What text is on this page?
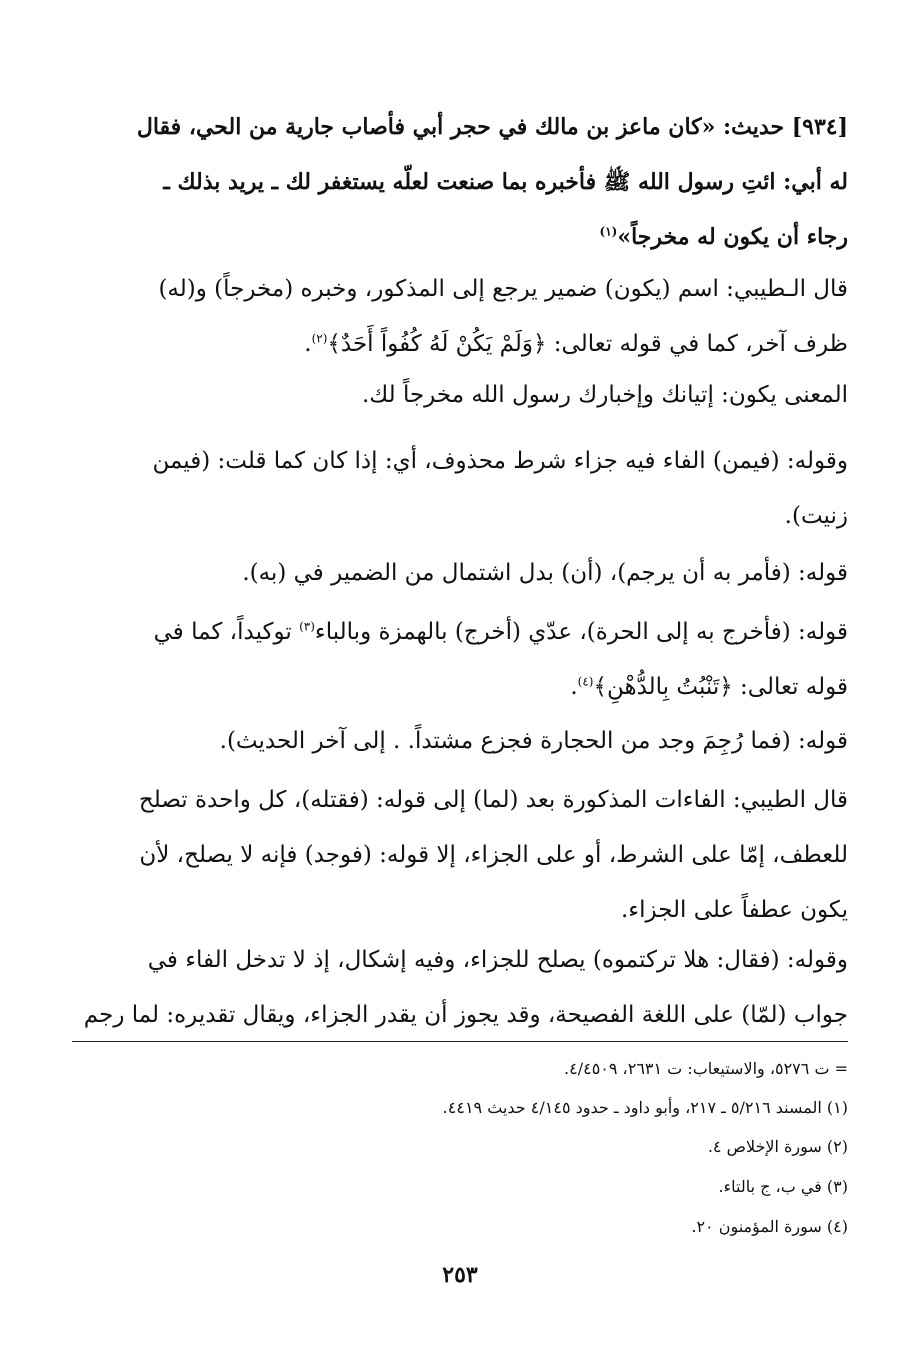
[٩٣٤] حديث: «كان ماعز بن مالك في حجر أبي فأصاب جارية من الحي، فقال
له أبي: ائتِ رسول الله ﷺ فأخبره بما صنعت لعلّه يستغفر لك ـ يريد بذلك ـ
رجاء أن يكون له مخرجاً»$^{(١)}$

قال الـطيبي: اسم (يكون) ضمير يرجع إلى المذكور، وخبره (مخرجاً) و(له)
ظرف آخر، كما في قوله تعالى: ﴿وَلَمْ يَكُنْ لَهُ كُفُواً أَحَدٌ﴾$^{(٢)}$.

المعنى يكون: إتيانك وإخبارك رسول الله مخرجاً لك.

وقوله: (فيمن) الفاء فيه جزاء شرط محذوف، أي: إذا كان كما قلت: (فيمن
زنيت).

قوله: (فأمر به أن يرجم)، (أن) بدل اشتمال من الضمير في (به).

قوله: (فأخرج به إلى الحرة)، عدّي (أخرج) بالهمزة وبالباء$^{(٣)}$ توكيداً، كما في
قوله تعالى: ﴿تَنْبُتُ بِالدُّهْنِ﴾$^{(٤)}$.

قوله: (فما رُجِمَ وجد من الحجارة فجزع مشتداً. . إلى آخر الحديث).

قال الطيبي: الفاءات المذكورة بعد (لما) إلى قوله: (فقتله)، كل واحدة تصلح
للعطف، إمّا على الشرط، أو على الجزاء، إلا قوله: (فوجد) فإنه لا يصلح، لأن
يكون عطفاً على الجزاء.

وقوله: (فقال: هلا تركتموه) يصلح للجزاء، وفيه إشكال، إذ لا تدخل الفاء في
جواب (لمّا) على اللغة الفصيحة، وقد يجوز أن يقدر الجزاء، ويقال تقديره: لما رجم

= ت ٥٢٧٦، والاستيعاب: ت ٢٦٣١، ٤/٤٥٠٩.

(١) المسند ٥/٢١٦ ـ ٢١٧، وأبو داود ـ حدود ٤/١٤٥ حديث ٤٤١٩.

(٢) سورة الإخلاص ٤.

(٣) في ب، ج بالتاء.

(٤) سورة المؤمنون ٢٠.

٢٥٣
